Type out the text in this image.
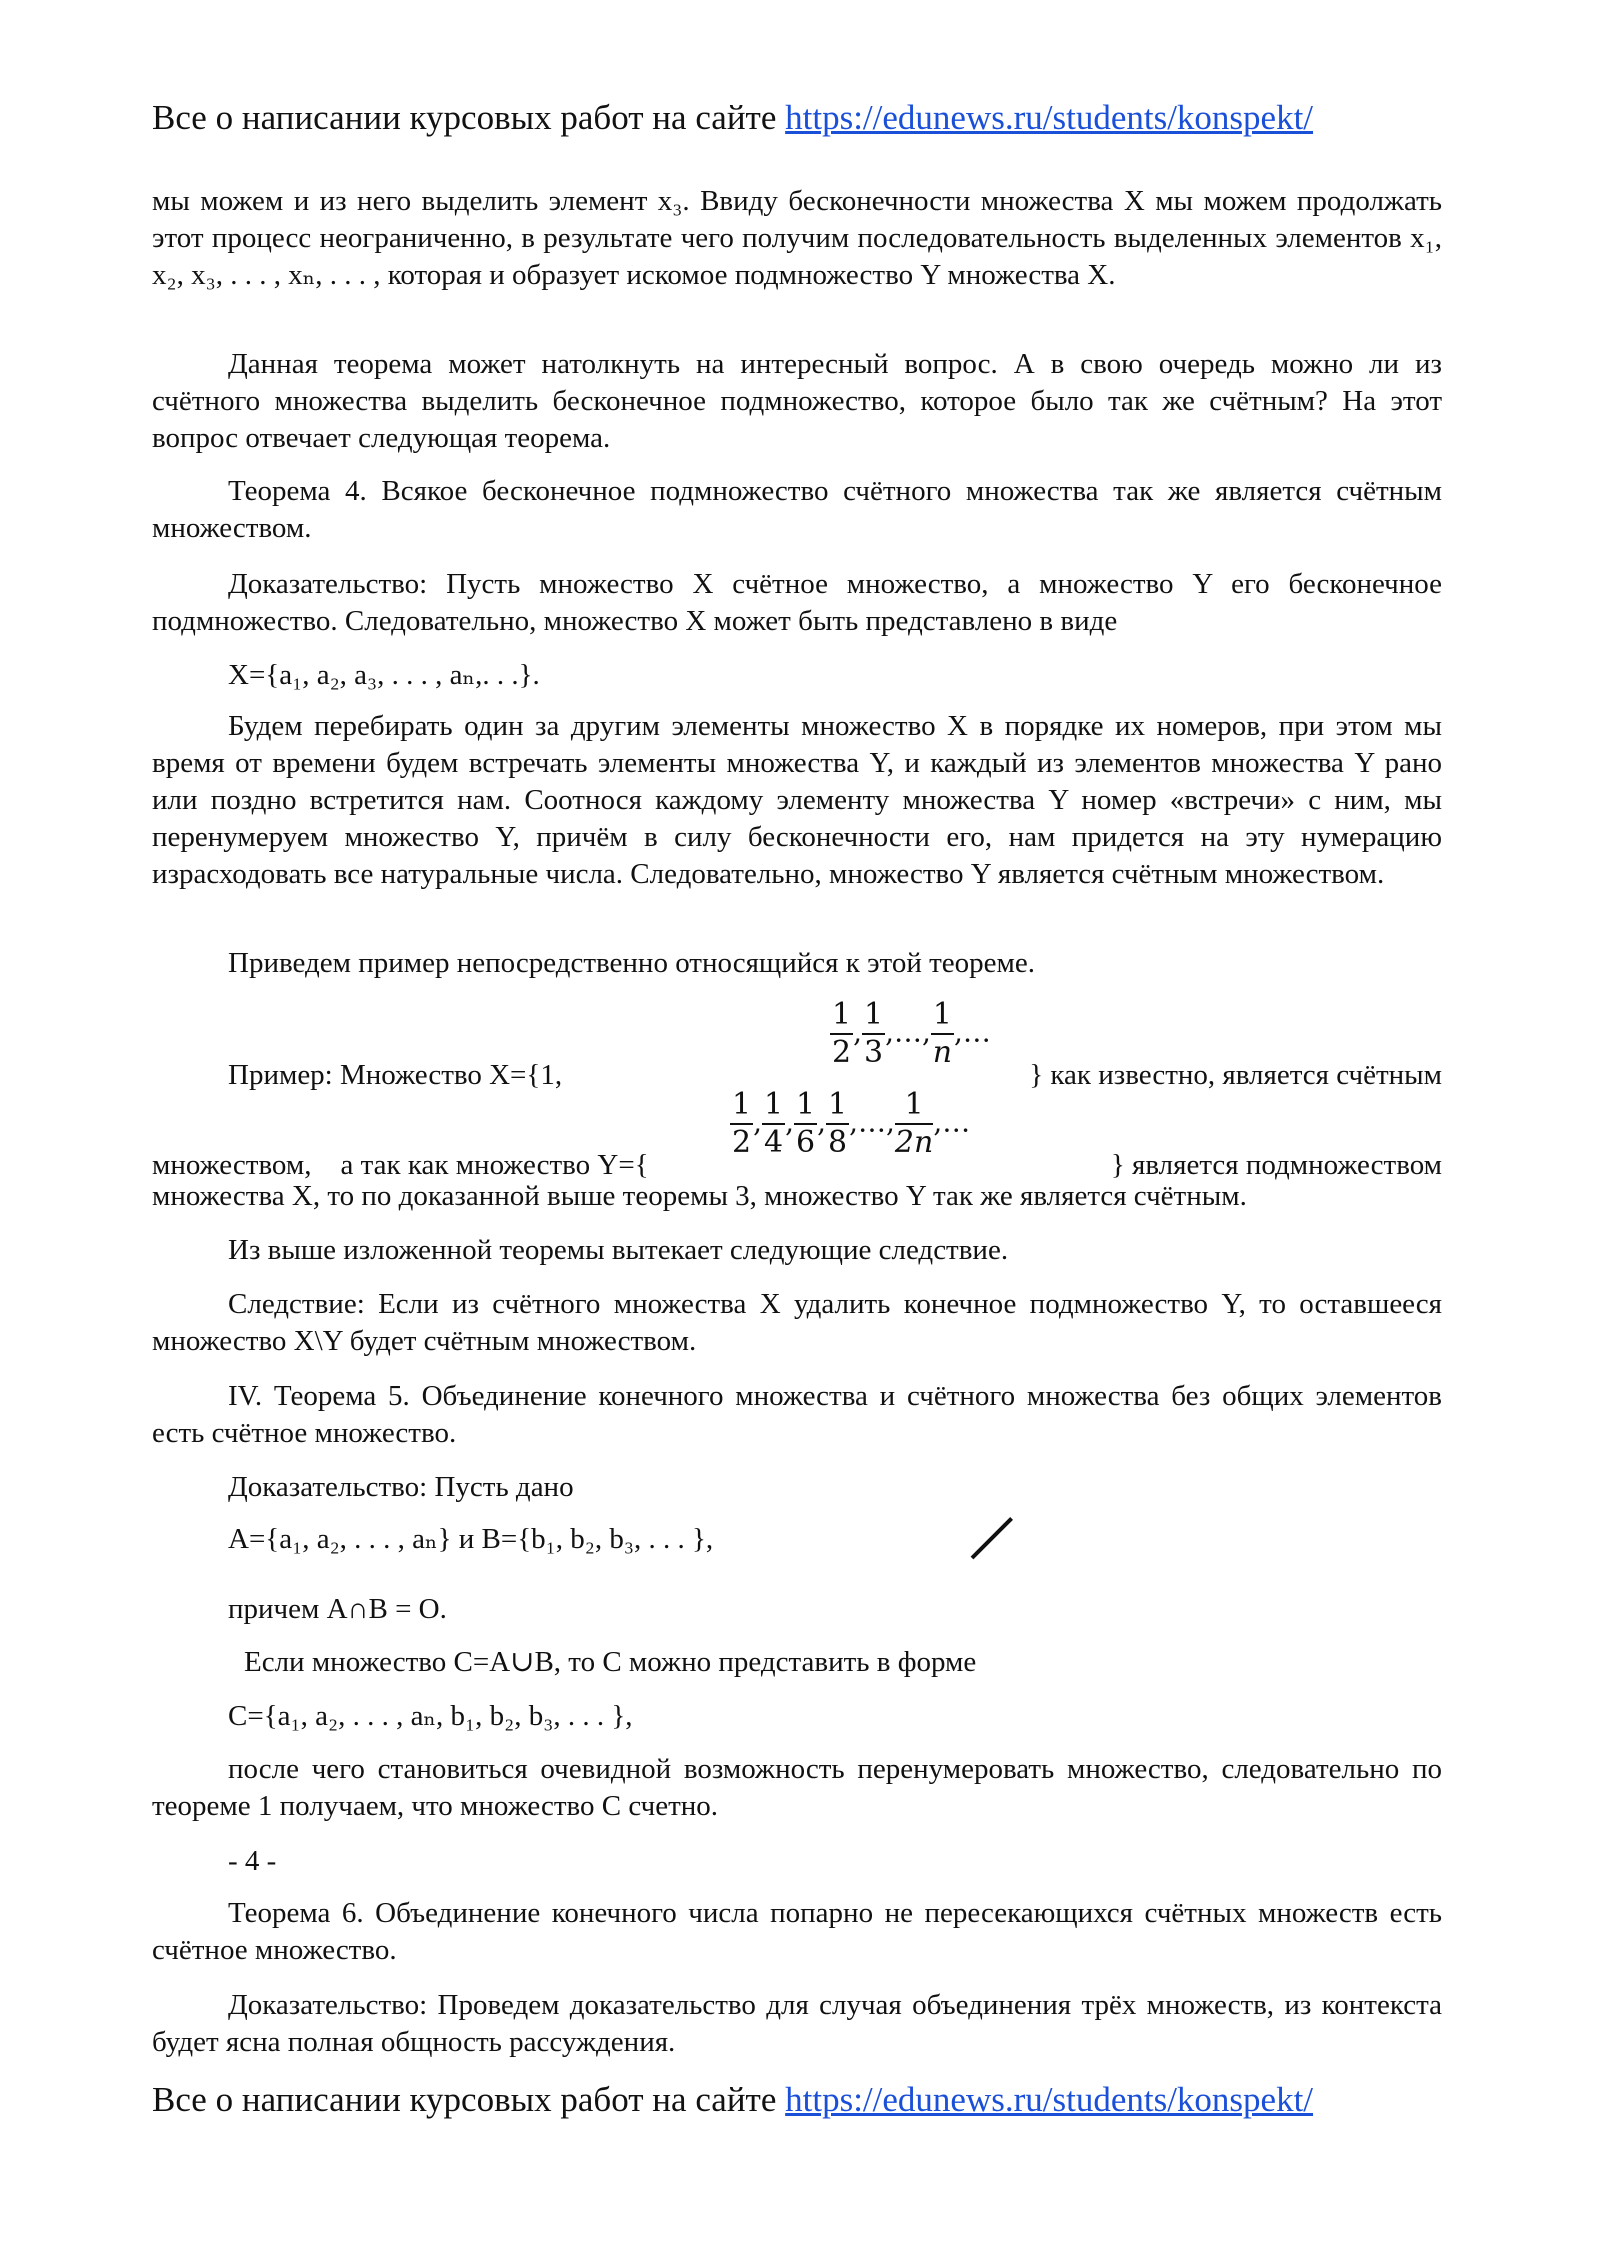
Все о написании курсовых работ на сайте https://edunews.ru/students/konspekt/
мы можем и из него выделить элемент x₃. Ввиду бесконечности множества X мы можем продолжать этот процесс неограниченно, в результате чего получим последовательность выделенных элементов x₁, x₂, x₃, . . . , xₙ, . . . , которая и образует искомое подмножество Y множества X.
Данная теорема может натолкнуть на интересный вопрос. А в свою очередь можно ли из счётного множества выделить бесконечное подмножество, которое было так же счётным? На этот вопрос отвечает следующая теорема.
Теорема 4. Всякое бесконечное подмножество счётного множества так же является счётным множеством.
Доказательство: Пусть множество X счётное множество, а множество Y его бесконечное подмножество. Следовательно, множество X может быть представлено в виде
X={a₁, a₂, a₃, . . . , aₙ,. . .}.
Будем перебирать один за другим элементы множество X в порядке их номеров, при этом мы время от времени будем встречать элементы множества Y, и каждый из элементов множества Y рано или поздно встретится нам. Соотнося каждому элементу множества Y номер «встречи» с ним, мы перенумеруем множество Y, причём в силу бесконечности его, нам придется на эту нумерацию израсходовать все натуральные числа. Следовательно, множество Y является счётным множеством.
Приведем пример непосредственно относящийся к этой теореме.
Пример: Множество X={1,
$\frac{1}{2}$ , $\frac{1}{3}$ ,…, $\frac{1}{n}$ ,…
} как известно, является счётным
множеством,    а так как множество Y={
$\frac{1}{2}$ , $\frac{1}{4}$ , $\frac{1}{6}$ , $\frac{1}{8}$ ,…, $\frac{1}{2n}$ ,…
} является подмножеством
множества X, то по доказанной выше теоремы 3, множество Y так же является счётным.
Из выше изложенной теоремы вытекает следующие следствие.
Следствие: Если из счётного множества X удалить конечное подмножество Y, то оставшееся множество X\Y будет счётным множеством.
IV. Теорема 5. Объединение конечного множества и счётного множества без общих элементов есть счётное множество.
Доказательство: Пусть дано
A={a₁, a₂, . . . , aₙ} и B={b₁, b₂, b₃, . . . },
причем A∩B = O.
Если множество C=A∪B, то C можно представить в форме
C={a₁, a₂, . . . , aₙ, b₁, b₂, b₃, . . . },
после чего становиться очевидной возможность перенумеровать множество, следовательно по теореме 1 получаем, что множество C счетно.
- 4 -
Теорема 6. Объединение конечного числа попарно не пересекающихся счётных множеств есть счётное множество.
Доказательство: Проведем доказательство для случая объединения трёх множеств, из контекста будет ясна полная общность рассуждения.
Все о написании курсовых работ на сайте https://edunews.ru/students/konspekt/
